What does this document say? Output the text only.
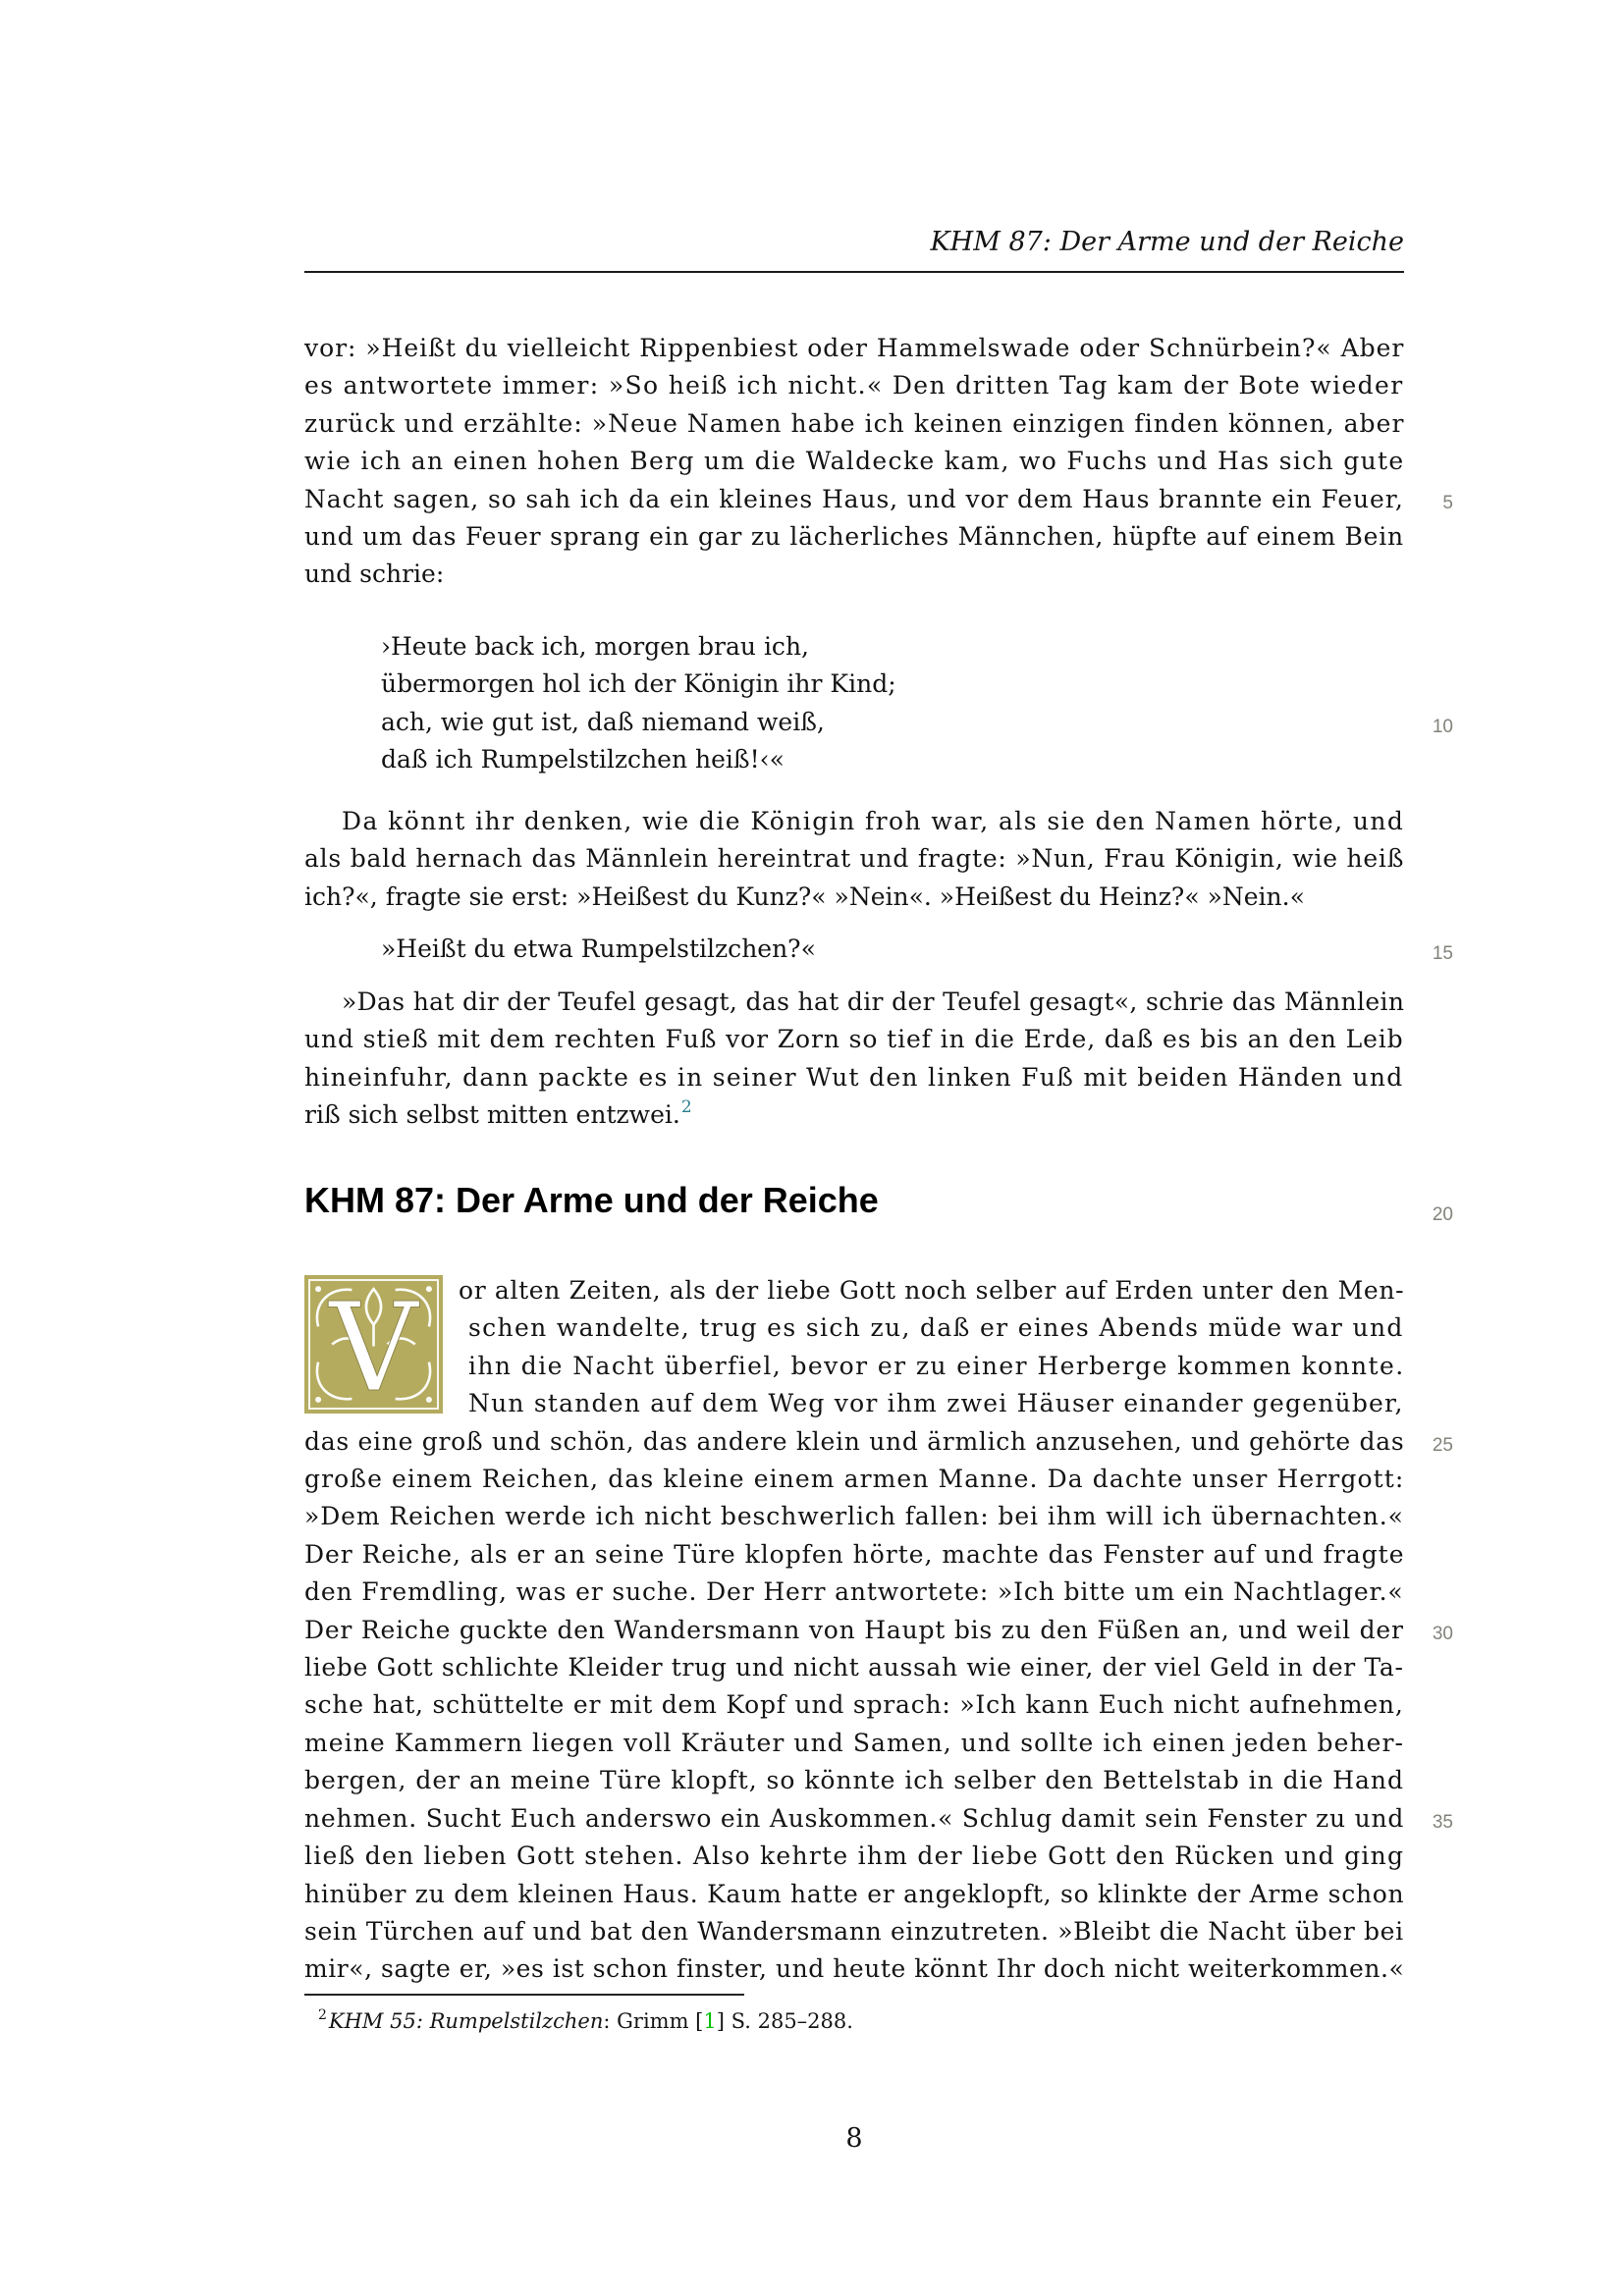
KHM 87: Der Arme und der Reiche
vor: »Heißt du vielleicht Rippenbiest oder Hammelswade oder Schnürbein?« Aber
es antwortete immer: »So heiß ich nicht.« Den dritten Tag kam der Bote wieder
zurück und erzählte: »Neue Namen habe ich keinen einzigen finden können, aber
wie ich an einen hohen Berg um die Waldecke kam, wo Fuchs und Has sich gute
Nacht sagen, so sah ich da ein kleines Haus, und vor dem Haus brannte ein Feuer,
und um das Feuer sprang ein gar zu lächerliches Männchen, hüpfte auf einem Bein
und schrie:
›Heute back ich, morgen brau ich,
übermorgen hol ich der Königin ihr Kind;
ach, wie gut ist, daß niemand weiß,
daß ich Rumpelstilzchen heiß!‹«
Da könnt ihr denken, wie die Königin froh war, als sie den Namen hörte, und
als bald hernach das Männlein hereintrat und fragte: »Nun, Frau Königin, wie heiß
ich?«, fragte sie erst: »Heißest du Kunz?« »Nein«. »Heißest du Heinz?« »Nein.«
»Heißt du etwa Rumpelstilzchen?«
»Das hat dir der Teufel gesagt, das hat dir der Teufel gesagt«, schrie das Männlein
und stieß mit dem rechten Fuß vor Zorn so tief in die Erde, daß es bis an den Leib
hineinfuhr, dann packte es in seiner Wut den linken Fuß mit beiden Händen und
riß sich selbst mitten entzwei.$^2$
KHM 87: Der Arme und der Reiche
V or alten Zeiten, als der liebe Gott noch selber auf Erden unter den Men-
schen wandelte, trug es sich zu, daß er eines Abends müde war und
ihn die Nacht überfiel, bevor er zu einer Herberge kommen konnte.
Nun standen auf dem Weg vor ihm zwei Häuser einander gegenüber,
das eine groß und schön, das andere klein und ärmlich anzusehen, und gehörte das
große einem Reichen, das kleine einem armen Manne. Da dachte unser Herrgott:
»Dem Reichen werde ich nicht beschwerlich fallen: bei ihm will ich übernachten.«
Der Reiche, als er an seine Türe klopfen hörte, machte das Fenster auf und fragte
den Fremdling, was er suche. Der Herr antwortete: »Ich bitte um ein Nachtlager.«
Der Reiche guckte den Wandersmann von Haupt bis zu den Füßen an, und weil der
liebe Gott schlichte Kleider trug und nicht aussah wie einer, der viel Geld in der Ta-
sche hat, schüttelte er mit dem Kopf und sprach: »Ich kann Euch nicht aufnehmen,
meine Kammern liegen voll Kräuter und Samen, und sollte ich einen jeden beher-
bergen, der an meine Türe klopft, so könnte ich selber den Bettelstab in die Hand
nehmen. Sucht Euch anderswo ein Auskommen.« Schlug damit sein Fenster zu und
ließ den lieben Gott stehen. Also kehrte ihm der liebe Gott den Rücken und ging
hinüber zu dem kleinen Haus. Kaum hatte er angeklopft, so klinkte der Arme schon
sein Türchen auf und bat den Wandersmann einzutreten. »Bleibt die Nacht über bei
mir«, sagte er, »es ist schon finster, und heute könnt Ihr doch nicht weiterkommen.«
5
10
15
20
25
30
35
$^2$KHM 55: Rumpelstilzchen: Grimm [1] S. 285–288.
8
